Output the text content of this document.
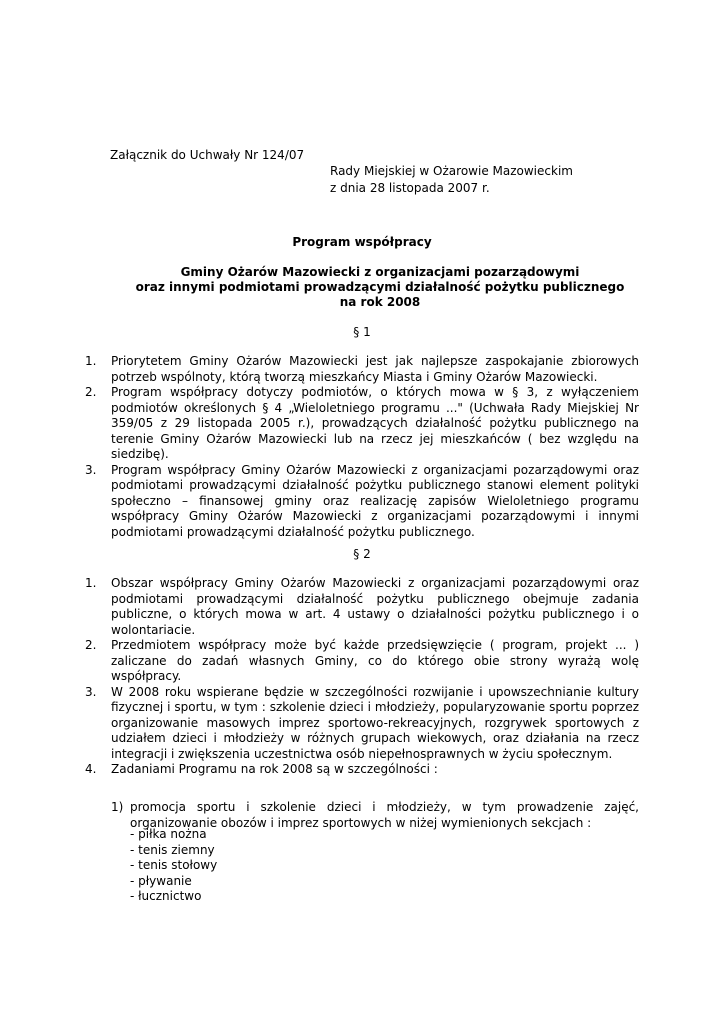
Załącznik do Uchwały Nr 124/07
Rady Miejskiej w Ożarowie Mazowieckim
z dnia 28 listopada 2007 r.
Program współpracy
Gminy Ożarów Mazowiecki z organizacjami pozarządowymi
oraz innymi podmiotami prowadzącymi działalność pożytku publicznego
na rok 2008
§ 1
1. Priorytetem Gminy Ożarów Mazowiecki jest jak najlepsze zaspokajanie zbiorowych potrzeb wspólnoty, którą tworzą mieszkańcy Miasta i Gminy Ożarów Mazowiecki.
2. Program współpracy dotyczy podmiotów, o których mowa w § 3, z wyłączeniem podmiotów określonych § 4 „Wieloletniego programu ..." (Uchwała Rady Miejskiej Nr 359/05 z 29 listopada 2005 r.), prowadzących działalność pożytku publicznego na terenie Gminy Ożarów Mazowiecki lub na rzecz jej mieszkańców ( bez względu na siedzibę).
3. Program współpracy Gminy Ożarów Mazowiecki z organizacjami pozarządowymi oraz podmiotami prowadzącymi działalność pożytku publicznego stanowi element polityki społeczno – finansowej gminy oraz realizację zapisów Wieloletniego programu współpracy Gminy Ożarów Mazowiecki z organizacjami pozarządowymi i innymi podmiotami prowadzącymi działalność pożytku publicznego.
§ 2
1. Obszar współpracy Gminy Ożarów Mazowiecki z organizacjami pozarządowymi oraz podmiotami prowadzącymi działalność pożytku publicznego obejmuje zadania publiczne, o których mowa w art. 4 ustawy o działalności pożytku publicznego i o wolontariacie.
2. Przedmiotem współpracy może być każde przedsięwzięcie ( program, projekt ... ) zaliczane do zadań własnych Gminy, co do którego obie strony wyrażą wolę współpracy.
3. W 2008 roku wspierane będzie w szczególności rozwijanie i upowszechnianie kultury fizycznej i sportu, w tym : szkolenie dzieci i młodzieży, popularyzowanie sportu poprzez organizowanie masowych imprez sportowo-rekreacyjnych, rozgrywek sportowych z udziałem dzieci i młodzieży w różnych grupach wiekowych, oraz działania na rzecz integracji i zwiększenia uczestnictwa osób niepełnosprawnych w życiu społecznym.
4. Zadaniami Programu na rok 2008 są w szczególności :
1) promocja sportu i szkolenie dzieci i młodzieży, w tym prowadzenie zajęć, organizowanie obozów i imprez sportowych w niżej wymienionych sekcjach :
- piłka nożna
- tenis ziemny
- tenis stołowy
- pływanie
- łucznictwo
